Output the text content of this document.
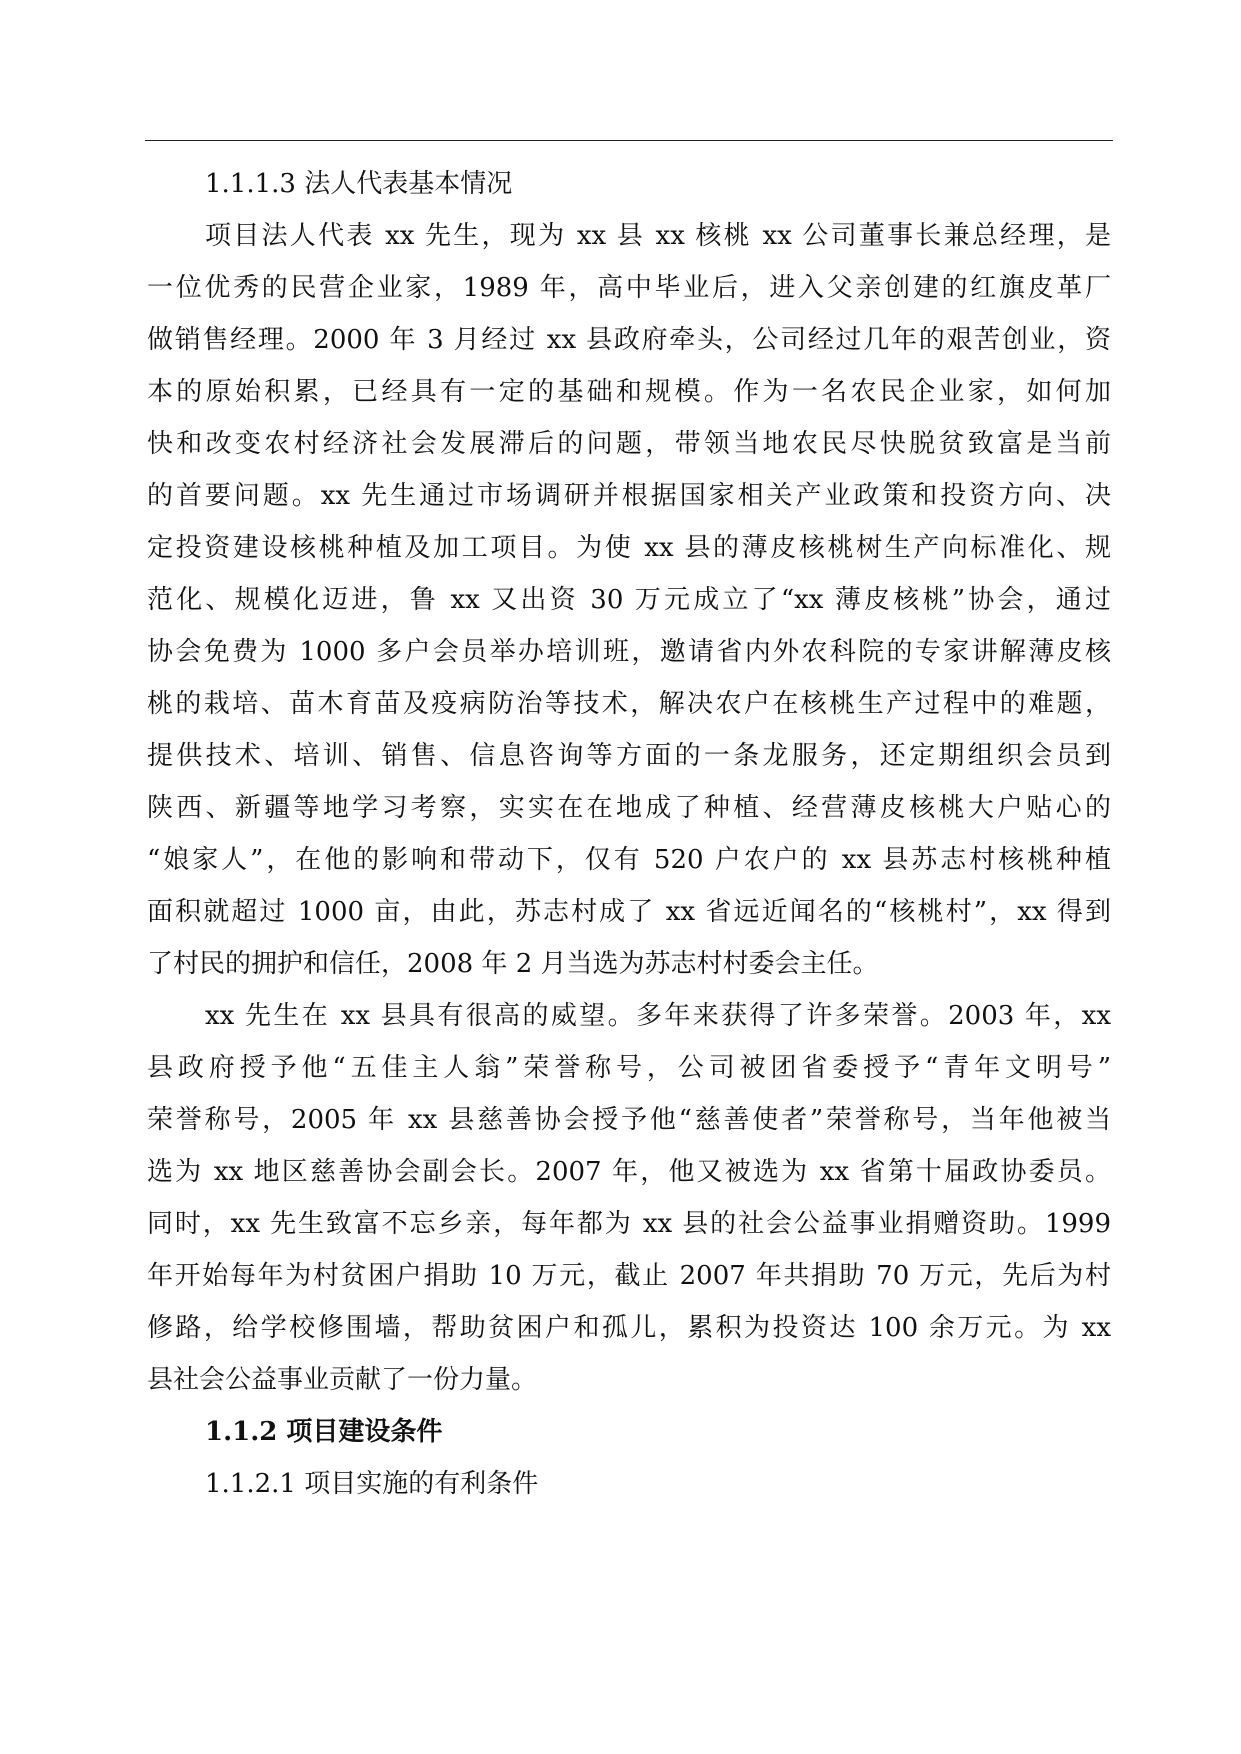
1.1.1.3 法人代表基本情况
项目法人代表 xx 先生，现为 xx 县 xx 核桃 xx 公司董事长兼总经理，是
一位优秀的民营企业家，1989 年，高中毕业后，进入父亲创建的红旗皮革厂
做销售经理。2000 年 3 月经过 xx 县政府牵头，公司经过几年的艰苦创业，资
本的原始积累，已经具有一定的基础和规模。作为一名农民企业家，如何加
快和改变农村经济社会发展滞后的问题，带领当地农民尽快脱贫致富是当前
的首要问题。xx 先生通过市场调研并根据国家相关产业政策和投资方向、决
定投资建设核桃种植及加工项目。为使 xx 县的薄皮核桃树生产向标准化、规
范化、规模化迈进，鲁 xx 又出资 30 万元成立了“xx 薄皮核桃”协会，通过
协会免费为 1000 多户会员举办培训班，邀请省内外农科院的专家讲解薄皮核
桃的栽培、苗木育苗及疫病防治等技术，解决农户在核桃生产过程中的难题，
提供技术、培训、销售、信息咨询等方面的一条龙服务，还定期组织会员到
陕西、新疆等地学习考察，实实在在地成了种植、经营薄皮核桃大户贴心的
“娘家人”，在他的影响和带动下，仅有 520 户农户的 xx 县苏志村核桃种植
面积就超过 1000 亩，由此，苏志村成了 xx 省远近闻名的“核桃村”，xx 得到
了村民的拥护和信任，2008 年 2 月当选为苏志村村委会主任。
xx 先生在 xx 县具有很高的威望。多年来获得了许多荣誉。2003 年，xx
县政府授予他“五佳主人翁”荣誉称号，公司被团省委授予“青年文明号”
荣誉称号，2005 年 xx 县慈善协会授予他“慈善使者”荣誉称号，当年他被当
选为 xx 地区慈善协会副会长。2007 年，他又被选为 xx 省第十届政协委员。
同时，xx 先生致富不忘乡亲，每年都为 xx 县的社会公益事业捐赠资助。1999
年开始每年为村贫困户捐助 10 万元，截止 2007 年共捐助 70 万元，先后为村
修路，给学校修围墙，帮助贫困户和孤儿，累积为投资达 100 余万元。为 xx
县社会公益事业贡献了一份力量。
1.1.2 项目建设条件
1.1.2.1 项目实施的有利条件
